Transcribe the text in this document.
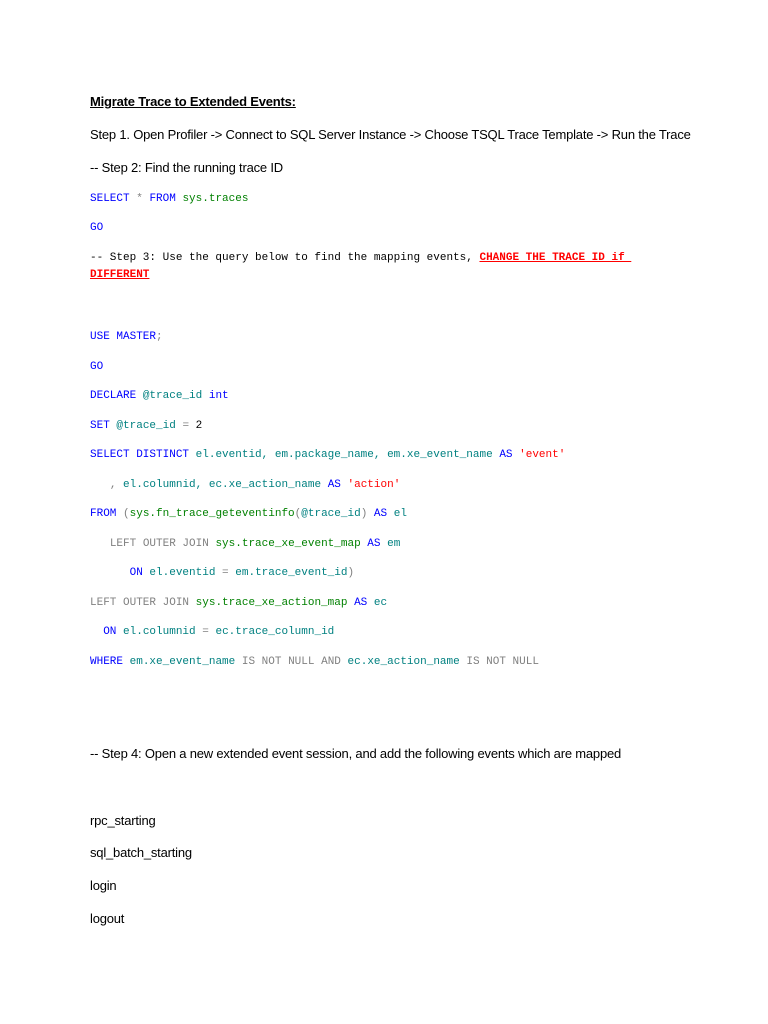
Migrate Trace to Extended Events:
Step 1. Open Profiler -> Connect to SQL Server Instance -> Choose TSQL Trace Template -> Run the Trace
-- Step 2: Find the running trace ID
SELECT * FROM sys.traces
GO
-- Step 3: Use the query below to find the mapping events, CHANGE THE TRACE ID if
DIFFERENT
USE MASTER;
GO
DECLARE @trace_id int
SET @trace_id = 2
SELECT DISTINCT el.eventid, em.package_name, em.xe_event_name AS 'event'
, el.columnid, ec.xe_action_name AS 'action'
FROM (sys.fn_trace_geteventinfo(@trace_id) AS el
LEFT OUTER JOIN sys.trace_xe_event_map AS em
ON el.eventid = em.trace_event_id)
LEFT OUTER JOIN sys.trace_xe_action_map AS ec
ON el.columnid = ec.trace_column_id
WHERE em.xe_event_name IS NOT NULL AND ec.xe_action_name IS NOT NULL
-- Step 4: Open a new extended event session, and add the following events which are mapped
rpc_starting
sql_batch_starting
login
logout
